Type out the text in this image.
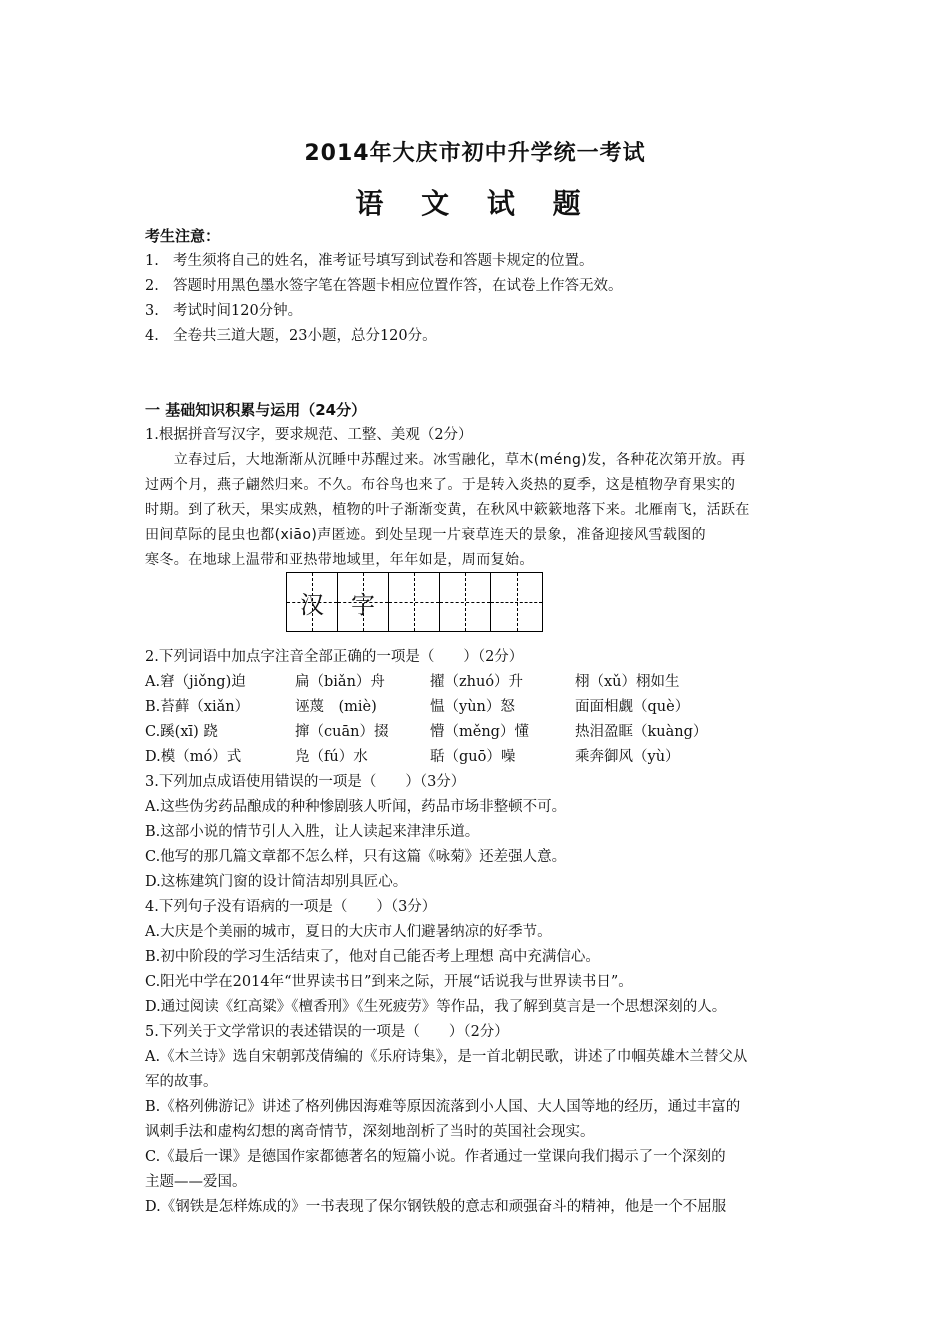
2014年大庆市初中升学统一考试
语 文 试 题
考生注意：
1. 考生须将自己的姓名，准考证号填写到试卷和答题卡规定的位置。
2. 答题时用黑色墨水签字笔在答题卡相应位置作答，在试卷上作答无效。
3. 考试时间120分钟。
4. 全卷共三道大题，23小题，总分120分。
一 基础知识积累与运用（24分）
1.根据拼音写汉字，要求规范、工整、美观（2分）
　　立春过后，大地渐渐从沉睡中苏醒过来。冰雪融化，草木(méng)发，各种花次第开放。再
过两个月，燕子翩然归来。不久。布谷鸟也来了。于是转入炎热的夏季，这是植物孕育果实的
时期。到了秋天，果实成熟，植物的叶子渐渐变黄，在秋风中簌簌地落下来。北雁南飞，活跃在
田间草际的昆虫也都(xiāo)声匿迹。到处呈现一片衰草连天的景象，准备迎接风雪载图的
寒冬。在地球上温带和亚热带地域里，年年如是，周而复始。
汉 字
2.下列词语中加点字注音全部正确的一项是（　　）（2分）
A.窘（jiǒng)迫	扁（biǎn）舟	擢（zhuó）升	栩（xǔ）栩如生
B.苔藓（xiǎn）	诬蔑　(miè)	愠（yùn）怒	面面相觑（què）
C.蹊(xī) 跷	撺（cuān）掇	懵（měng）懂	热泪盈眶（kuàng）
D.模（mó）式	凫（fú）水	聒（guō）噪	乘奔御风（yù）
3.下列加点成语使用错误的一项是（　　）（3分）
A.这些伪劣药品酿成的种种惨剧骇人听闻，药品市场非整顿不可。
B.这部小说的情节引人入胜，让人读起来津津乐道。
C.他写的那几篇文章都不怎么样，只有这篇《咏菊》还差强人意。
D.这栋建筑门窗的设计简洁却别具匠心。
4.下列句子没有语病的一项是（　　）（3分）
A.大庆是个美丽的城市，夏日的大庆市人们避暑纳凉的好季节。
B.初中阶段的学习生活结束了，他对自己能否考上理想 高中充满信心。
C.阳光中学在2014年“世界读书日”到来之际，开展“话说我与世界读书日”。
D.通过阅读《红高粱》《檀香刑》《生死疲劳》等作品，我了解到莫言是一个思想深刻的人。
5.下列关于文学常识的表述错误的一项是（　　）（2分）
A.《木兰诗》选自宋朝郭茂倩编的《乐府诗集》，是一首北朝民歌，讲述了巾帼英雄木兰替父从
军的故事。
B.《格列佛游记》讲述了格列佛因海难等原因流落到小人国、大人国等地的经历，通过丰富的
讽刺手法和虚构幻想的离奇情节，深刻地剖析了当时的英国社会现实。
C.《最后一课》是德国作家都德著名的短篇小说。作者通过一堂课向我们揭示了一个深刻的
主题——爱国。
D.《钢铁是怎样炼成的》一书表现了保尔钢铁般的意志和顽强奋斗的精神，他是一个不屈服
